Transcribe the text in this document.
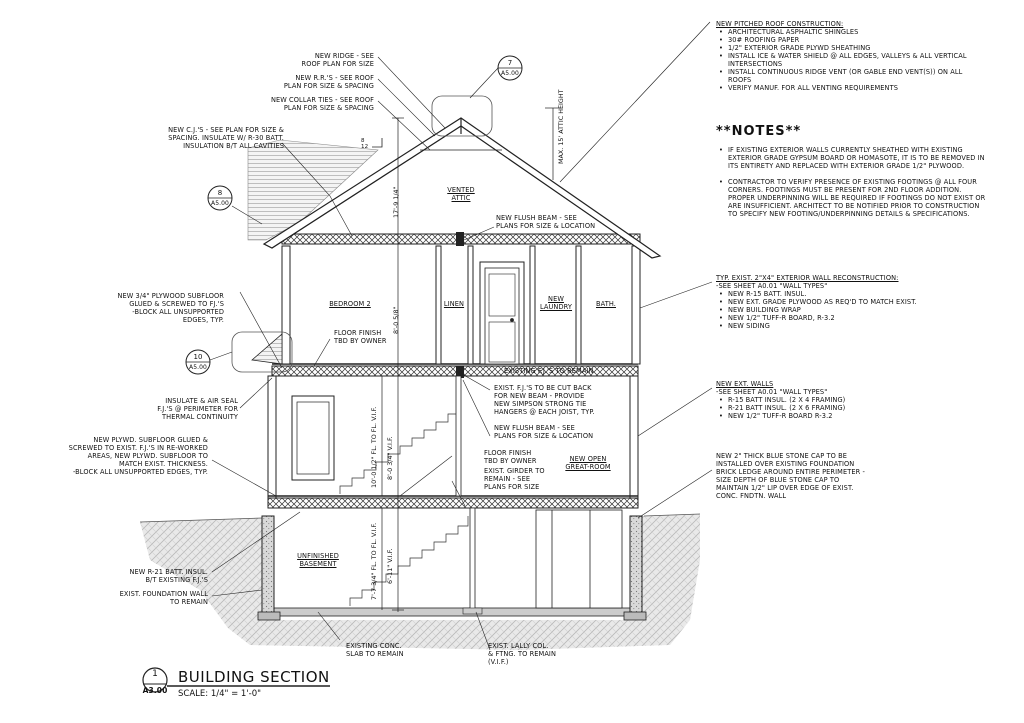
NEW RIDGE - SEE
ROOF PLAN FOR SIZE
NEW R.R.'S - SEE ROOF
PLAN FOR SIZE & SPACING
NEW COLLAR TIES - SEE ROOF
PLAN FOR SIZE & SPACING
NEW C.J.'S - SEE PLAN FOR SIZE &
SPACING. INSULATE W/ R-30 BATT.
INSULATION B/T ALL CAVITIES
NEW 3/4" PLYWOOD SUBFLOOR
GLUED & SCREWED TO FJ.'S
-BLOCK ALL UNSUPPORTED
EDGES, TYP.
FLOOR FINISH
TBD BY OWNER
INSULATE & AIR SEAL
F.J.'S @ PERIMETER FOR
THERMAL CONTINUITY
NEW PLYWD. SUBFLOOR GLUED &
SCREWED TO EXIST. F.J.'S IN RE-WORKED
AREAS, NEW PLYWD. SUBFLOOR TO
MATCH EXIST. THICKNESS.
-BLOCK ALL UNSUPPORTED EDGES, TYP.
NEW R-21 BATT. INSUL.
B/T EXISTING F.J.'S
EXIST. FOUNDATION WALL
TO REMAIN
EXISTING CONC.
SLAB TO REMAIN
EXIST. LALLY COL.
& FTNG. TO REMAIN
(V.I.F.)
NEW FLUSH BEAM - SEE
PLANS FOR SIZE & LOCATION
EXISTING F.J.'S TO REMAIN
EXIST. F.J.'S TO BE CUT BACK
FOR NEW BEAM - PROVIDE
NEW SIMPSON STRONG TIE
HANGERS @ EACH JOIST, TYP.
NEW FLUSH BEAM - SEE
PLANS FOR SIZE & LOCATION
FLOOR FINISH
TBD BY OWNER
EXIST. GIRDER TO
REMAIN - SEE
PLANS FOR SIZE
NEW OPEN
GREAT-ROOM
VENTED
ATTIC
BEDROOM 2	LINEN
NEW
LAUNDRY	BATH.
UNFINISHED
BASEMENT
8
12	MAX. 15' ATTIC HEIGHT
17'-9 1/4"
8'-0 5/8"
10'-0 1/2" FL. TO FL. V.I.F. 8'-0 3/4" V.I.F.
7'-7 3/4" FL. TO FL. V.I.F. 6'-11" V.I.F.
7
A5.00
8
A5.00
10
A5.00
NEW PITCHED ROOF CONSTRUCTION:
• ARCHITECTURAL ASPHALTIC SHINGLES
• 30# ROOFING PAPER
• 1/2" EXTERIOR GRADE PLYWD SHEATHING
• INSTALL ICE & WATER SHIELD @ ALL EDGES, VALLEYS & ALL VERTICAL INTERSECTIONS
• INSTALL CONTINUOUS RIDGE VENT (OR GABLE END VENT(S)) ON ALL ROOFS
• VERIFY MANUF. FOR ALL VENTING REQUIREMENTS
**NOTES**
• IF EXISTING EXTERIOR WALLS CURRENTLY SHEATHED WITH EXISTING EXTERIOR GRADE GYPSUM BOARD OR HOMASOTE, IT IS TO BE REMOVED IN ITS ENTIRETY AND REPLACED WITH EXTERIOR GRADE 1/2" PLYWOOD.
• CONTRACTOR TO VERIFY PRESENCE OF EXISTING FOOTINGS @ ALL FOUR CORNERS. FOOTINGS MUST BE PRESENT FOR 2ND FLOOR ADDITION. PROPER UNDERPINNING WILL BE REQUIRED IF FOOTINGS DO NOT EXIST OR ARE INSUFFICIENT. ARCHITECT TO BE NOTIFIED PRIOR TO CONSTRUCTION TO SPECIFY NEW FOOTING/UNDERPINNING DETAILS & SPECIFICATIONS.
TYP. EXIST. 2"X4" EXTERIOR WALL RECONSTRUCTION:
-SEE SHEET A0.01 "WALL TYPES"
• NEW R-15 BATT. INSUL.
• NEW EXT. GRADE PLYWOOD AS REQ'D TO MATCH EXIST.
• NEW BUILDING WRAP
• NEW 1/2" TUFF-R BOARD, R-3.2
• NEW SIDING
NEW EXT. WALLS
-SEE SHEET A0.01 "WALL TYPES"
• R-15 BATT INSUL. (2 X 4 FRAMING)
• R-21 BATT INSUL. (2 X 6 FRAMING)
• NEW 1/2" TUFF-R BOARD R-3.2
NEW 2" THICK BLUE STONE CAP TO BE INSTALLED OVER EXISTING FOUNDATION BRICK LEDGE AROUND ENTIRE PERIMETER - SIZE DEPTH OF BLUE STONE CAP TO MAINTAIN 1/2" LIP OVER EDGE OF EXIST. CONC. FNDTN. WALL
1
A3.00
BUILDING SECTION
SCALE: 1/4" = 1'-0"
